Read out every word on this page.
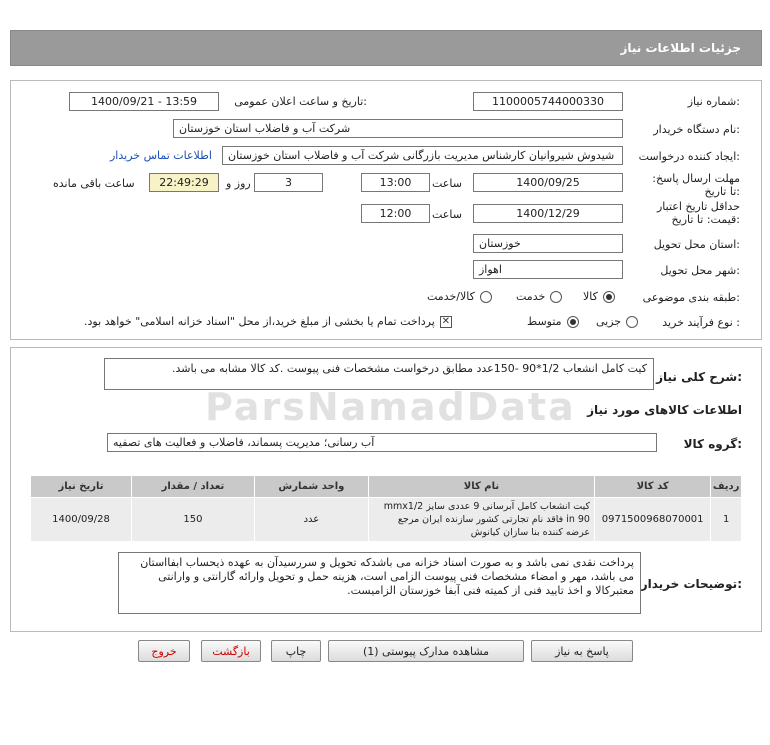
جزئیات اطلاعات نیاز
شماره نیاز:
1100005744000330
تاریخ و ساعت اعلان عمومی:
1400/09/21 - 13:59
نام دستگاه خریدار:
شرکت آب و فاضلاب استان خوزستان
ایجاد کننده درخواست:
شیدوش شیروانیان کارشناس مدیریت بازرگانی شرکت آب و فاضلاب استان خوزستان
اطلاعات تماس خریدار
مهلت ارسال پاسخ: تا تاریخ:
1400/09/25
ساعت
13:00
3
روز و
22:49:29
ساعت باقی مانده
حداقل تاریخ اعتبار قیمت: تا تاریخ:
1400/12/29
ساعت
12:00
استان محل تحویل:
خوزستان
شهر محل تحویل:
اهواز
طبقه بندی موضوعی:
کالا
خدمت
کالا/خدمت
نوع فرآیند خرید :
جزیی
متوسط
✕
پرداخت تمام یا بخشی از مبلغ خرید،از محل "اسناد خزانه اسلامی" خواهد بود.
شرح کلی نیاز:
کیت کامل انشعاب 1/2*90 -150عدد مطابق درخواست مشخصات فنی پیوست .کد کالا مشابه می باشد.
اطلاعات کالاهای مورد نیاز
گروه کالا:
آب رسانی؛ مدیریت پسماند، فاضلاب و فعالیت های تصفیه
ردیف	کد کالا	نام کالا	واحد شمارش	تعداد / مقدار	تاریخ نیاز
1	0971500968070001	کیت انشعاب کامل آبرسانی 9 عددی سایز mmx1/2 in 90 فاقد نام تجارتی کشور سازنده ایران مرجع عرضه کننده بنا سازان کیانوش	عدد	150	1400/09/28
توضیحات خریدار:
پرداخت نقدی نمی باشد و به صورت اسناد خزانه می باشدکه تحویل و سررسیدآن به عهده ذیحساب ابفااستان می باشد، مهر و امضاء مشخصات فنی پیوست الزامی است، هزینه حمل و تحویل وارائه گارانتی و وارانتی معتبرکالا و اخذ تایید فنی از کمیته فنی آبفا خوزستان الزامیست.
پاسخ به نیاز
مشاهده مدارک پیوستی (1)
چاپ
بازگشت
خروج
ParsNamadData
